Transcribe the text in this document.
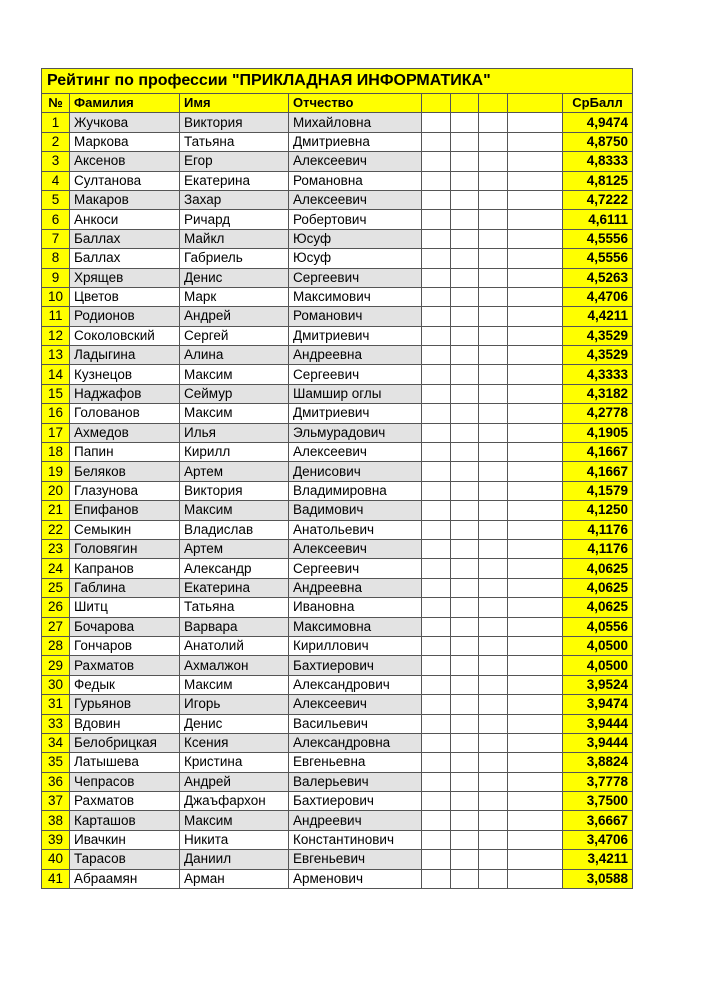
Рейтинг по профессии "ПРИКЛАДНАЯ ИНФОРМАТИКА"								
№	Фамилия	Имя	Отчество					СрБалл
1	Жучкова	Виктория	Михайловна					4,9474
2	Маркова	Татьяна	Дмитриевна					4,8750
3	Аксенов	Егор	Алексеевич					4,8333
4	Султанова	Екатерина	Романовна					4,8125
5	Макаров	Захар	Алексеевич					4,7222
6	Анкоси	Ричард	Робертович					4,6111
7	Баллах	Майкл	Юсуф					4,5556
8	Баллах	Габриель	Юсуф					4,5556
9	Хрящев	Денис	Сергеевич					4,5263
10	Цветов	Марк	Максимович					4,4706
11	Родионов	Андрей	Романович					4,4211
12	Соколовский	Сергей	Дмитриевич					4,3529
13	Ладыгина	Алина	Андреевна					4,3529
14	Кузнецов	Максим	Сергеевич					4,3333
15	Наджафов	Сеймур	Шамшир оглы					4,3182
16	Голованов	Максим	Дмитриевич					4,2778
17	Ахмедов	Илья	Эльмурадович					4,1905
18	Папин	Кирилл	Алексеевич					4,1667
19	Беляков	Артем	Денисович					4,1667
20	Глазунова	Виктория	Владимировна					4,1579
21	Епифанов	Максим	Вадимович					4,1250
22	Семыкин	Владислав	Анатольевич					4,1176
23	Головягин	Артем	Алексеевич					4,1176
24	Капранов	Александр	Сергеевич					4,0625
25	Габлина	Екатерина	Андреевна					4,0625
26	Шитц	Татьяна	Ивановна					4,0625
27	Бочарова	Варвара	Максимовна					4,0556
28	Гончаров	Анатолий	Кириллович					4,0500
29	Рахматов	Ахмалжон	Бахтиерович					4,0500
30	Федык	Максим	Александрович					3,9524
31	Гурьянов	Игорь	Алексеевич					3,9474
33	Вдовин	Денис	Васильевич					3,9444
34	Белобрицкая	Ксения	Александровна					3,9444
35	Латышева	Кристина	Евгеньевна					3,8824
36	Чепрасов	Андрей	Валерьевич					3,7778
37	Рахматов	Джаъфархон	Бахтиерович					3,7500
38	Карташов	Максим	Андреевич					3,6667
39	Ивачкин	Никита	Константинович					3,4706
40	Тарасов	Даниил	Евгеньевич					3,4211
41	Абраамян	Арман	Арменович					3,0588
